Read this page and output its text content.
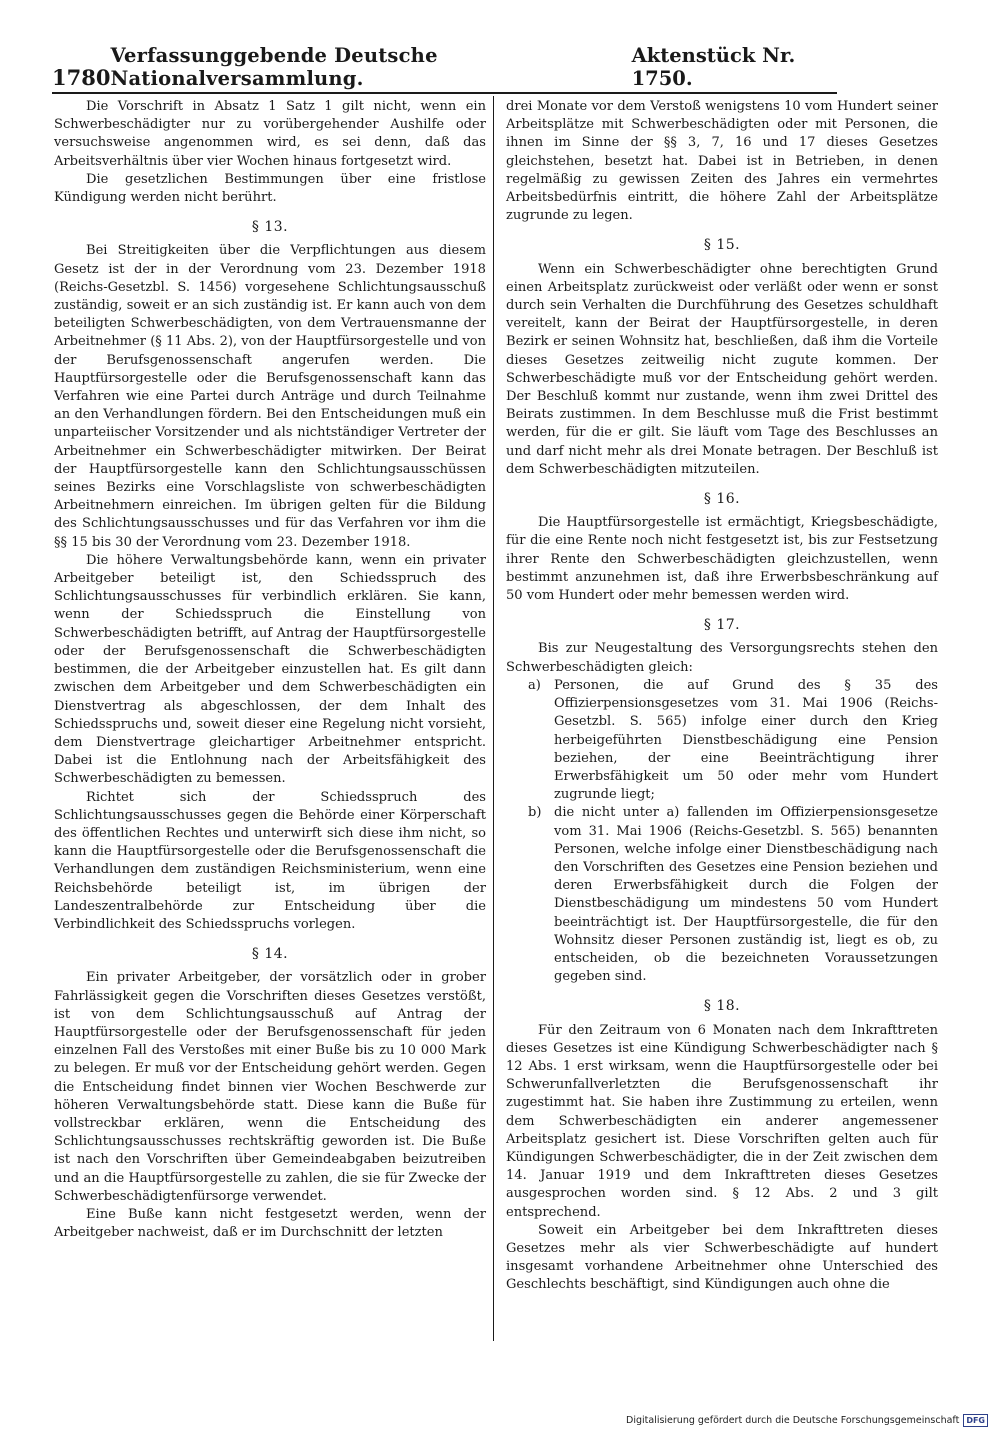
1780
Verfassunggebende Deutsche Nationalversammlung.
Aktenstück Nr. 1750.

Die Vorschrift in Absatz 1 Satz 1 gilt nicht, wenn ein Schwerbeschädigter nur zu vorübergehender Aushilfe oder versuchsweise angenommen wird, es sei denn, daß das Arbeitsverhältnis über vier Wochen hinaus fortgesetzt wird.

Die gesetzlichen Bestimmungen über eine fristlose Kündigung werden nicht berührt.

§ 13.

Bei Streitigkeiten über die Verpflichtungen aus diesem Gesetz ist der in der Verordnung vom 23. Dezember 1918 (Reichs-Gesetzbl. S. 1456) vorgesehene Schlichtungsausschuß zuständig, soweit er an sich zuständig ist. Er kann auch von dem beteiligten Schwerbeschädigten, von dem Vertrauensmanne der Arbeitnehmer (§ 11 Abs. 2), von der Hauptfürsorgestelle und von der Berufsgenossenschaft angerufen werden. Die Hauptfürsorgestelle oder die Berufsgenossenschaft kann das Verfahren wie eine Partei durch Anträge und durch Teilnahme an den Verhandlungen fördern. Bei den Entscheidungen muß ein unparteiischer Vorsitzender und als nichtständiger Vertreter der Arbeitnehmer ein Schwerbeschädigter mitwirken. Der Beirat der Hauptfürsorgestelle kann den Schlichtungsausschüssen seines Bezirks eine Vorschlagsliste von schwerbeschädigten Arbeitnehmern einreichen. Im übrigen gelten für die Bildung des Schlichtungsausschusses und für das Verfahren vor ihm die §§ 15 bis 30 der Verordnung vom 23. Dezember 1918.

Die höhere Verwaltungsbehörde kann, wenn ein privater Arbeitgeber beteiligt ist, den Schiedsspruch des Schlichtungsausschusses für verbindlich erklären. Sie kann, wenn der Schiedsspruch die Einstellung von Schwerbeschädigten betrifft, auf Antrag der Hauptfürsorgestelle oder der Berufsgenossenschaft die Schwerbeschädigten bestimmen, die der Arbeitgeber einzustellen hat. Es gilt dann zwischen dem Arbeitgeber und dem Schwerbeschädigten ein Dienstvertrag als abgeschlossen, der dem Inhalt des Schiedsspruchs und, soweit dieser eine Regelung nicht vorsieht, dem Dienstvertrage gleichartiger Arbeitnehmer entspricht. Dabei ist die Entlohnung nach der Arbeitsfähigkeit des Schwerbeschädigten zu bemessen.

Richtet sich der Schiedsspruch des Schlichtungsausschusses gegen die Behörde einer Körperschaft des öffentlichen Rechtes und unterwirft sich diese ihm nicht, so kann die Hauptfürsorgestelle oder die Berufsgenossenschaft die Verhandlungen dem zuständigen Reichsministerium, wenn eine Reichsbehörde beteiligt ist, im übrigen der Landeszentralbehörde zur Entscheidung über die Verbindlichkeit des Schiedsspruchs vorlegen.

§ 14.

Ein privater Arbeitgeber, der vorsätzlich oder in grober Fahrlässigkeit gegen die Vorschriften dieses Gesetzes verstößt, ist von dem Schlichtungsausschuß auf Antrag der Hauptfürsorgestelle oder der Berufsgenossenschaft für jeden einzelnen Fall des Verstoßes mit einer Buße bis zu 10 000 Mark zu belegen. Er muß vor der Entscheidung gehört werden. Gegen die Entscheidung findet binnen vier Wochen Beschwerde zur höheren Verwaltungsbehörde statt. Diese kann die Buße für vollstreckbar erklären, wenn die Entscheidung des Schlichtungsausschusses rechtskräftig geworden ist. Die Buße ist nach den Vorschriften über Gemeindeabgaben beizutreiben und an die Hauptfürsorgestelle zu zahlen, die sie für Zwecke der Schwerbeschädigtenfürsorge verwendet.

Eine Buße kann nicht festgesetzt werden, wenn der Arbeitgeber nachweist, daß er im Durchschnitt der letzten

drei Monate vor dem Verstoß wenigstens 10 vom Hundert seiner Arbeitsplätze mit Schwerbeschädigten oder mit Personen, die ihnen im Sinne der §§ 3, 7, 16 und 17 dieses Gesetzes gleichstehen, besetzt hat. Dabei ist in Betrieben, in denen regelmäßig zu gewissen Zeiten des Jahres ein vermehrtes Arbeitsbedürfnis eintritt, die höhere Zahl der Arbeitsplätze zugrunde zu legen.

§ 15.

Wenn ein Schwerbeschädigter ohne berechtigten Grund einen Arbeitsplatz zurückweist oder verläßt oder wenn er sonst durch sein Verhalten die Durchführung des Gesetzes schuldhaft vereitelt, kann der Beirat der Hauptfürsorgestelle, in deren Bezirk er seinen Wohnsitz hat, beschließen, daß ihm die Vorteile dieses Gesetzes zeitweilig nicht zugute kommen. Der Schwerbeschädigte muß vor der Entscheidung gehört werden. Der Beschluß kommt nur zustande, wenn ihm zwei Drittel des Beirats zustimmen. In dem Beschlusse muß die Frist bestimmt werden, für die er gilt. Sie läuft vom Tage des Beschlusses an und darf nicht mehr als drei Monate betragen. Der Beschluß ist dem Schwerbeschädigten mitzuteilen.

§ 16.

Die Hauptfürsorgestelle ist ermächtigt, Kriegsbeschädigte, für die eine Rente noch nicht festgesetzt ist, bis zur Festsetzung ihrer Rente den Schwerbeschädigten gleichzustellen, wenn bestimmt anzunehmen ist, daß ihre Erwerbsbeschränkung auf 50 vom Hundert oder mehr bemessen werden wird.

§ 17.

Bis zur Neugestaltung des Versorgungsrechts stehen den Schwerbeschädigten gleich:

a)	Personen, die auf Grund des § 35 des Offizierpensionsgesetzes vom 31. Mai 1906 (Reichs-Gesetzbl. S. 565) infolge einer durch den Krieg herbeigeführten Dienstbeschädigung eine Pension beziehen, der eine Beeinträchtigung ihrer Erwerbsfähigkeit um 50 oder mehr vom Hundert zugrunde liegt;
b) die nicht unter a) fallenden im Offizierpensionsgesetze vom 31. Mai 1906 (Reichs-Gesetzbl. S. 565) benannten Personen, welche infolge einer Dienstbeschädigung nach den Vorschriften des Gesetzes eine Pension beziehen und deren Erwerbsfähigkeit durch die Folgen der Dienstbeschädigung um mindestens 50 vom Hundert beeinträchtigt ist. Der Hauptfürsorgestelle, die für den Wohnsitz dieser Personen zuständig ist, liegt es ob, zu entscheiden, ob die bezeichneten Voraussetzungen gegeben sind.
§ 18.

Für den Zeitraum von 6 Monaten nach dem Inkrafttreten dieses Gesetzes ist eine Kündigung Schwerbeschädigter nach § 12 Abs. 1 erst wirksam, wenn die Hauptfürsorgestelle oder bei Schwerunfallverletzten die Berufsgenossenschaft ihr zugestimmt hat. Sie haben ihre Zustimmung zu erteilen, wenn dem Schwerbeschädigten ein anderer angemessener Arbeitsplatz gesichert ist. Diese Vorschriften gelten auch für Kündigungen Schwerbeschädigter, die in der Zeit zwischen dem 14. Januar 1919 und dem Inkrafttreten dieses Gesetzes ausgesprochen worden sind. § 12 Abs. 2 und 3 gilt entsprechend.

Soweit ein Arbeitgeber bei dem Inkrafttreten dieses Gesetzes mehr als vier Schwerbeschädigte auf hundert insgesamt vorhandene Arbeitnehmer ohne Unterschied des Geschlechts beschäftigt, sind Kündigungen auch ohne die

Digitalisierung gefördert durch die Deutsche Forschungsgemeinschaft DFG
